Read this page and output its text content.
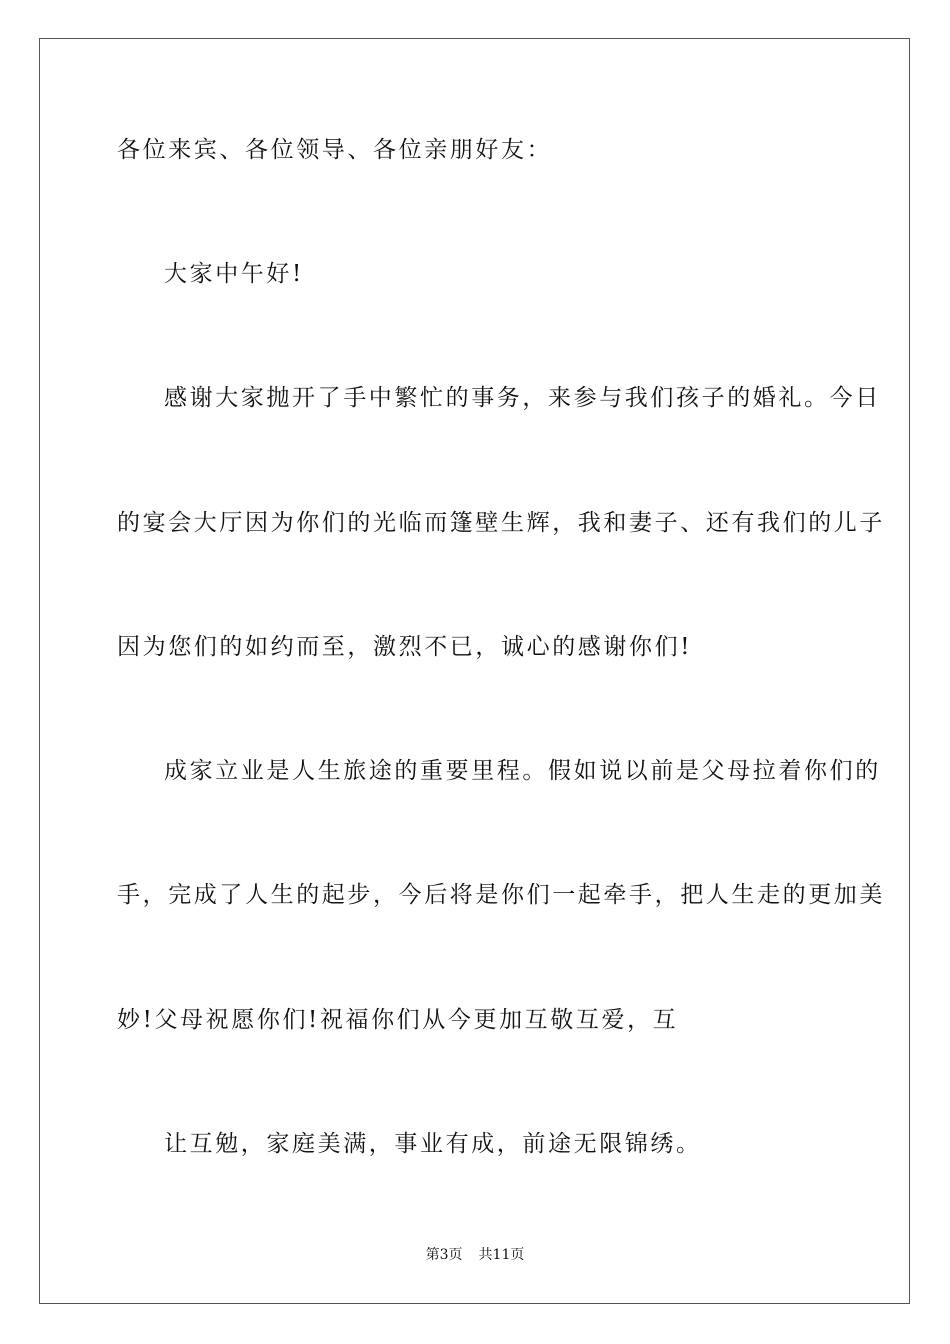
各位来宾、各位领导、各位亲朋好友：
大家中午好!
感谢大家抛开了手中繁忙的事务，来参与我们孩子的婚礼。今日
的宴会大厅因为你们的光临而篷壁生辉，我和妻子、还有我们的儿子
因为您们的如约而至，激烈不已，诚心的感谢你们!
成家立业是人生旅途的重要里程。假如说以前是父母拉着你们的
手，完成了人生的起步，今后将是你们一起牵手，把人生走的更加美
妙!父母祝愿你们!祝福你们从今更加互敬互爱，互
让互勉，家庭美满，事业有成，前途无限锦绣。
第3页 共11页
